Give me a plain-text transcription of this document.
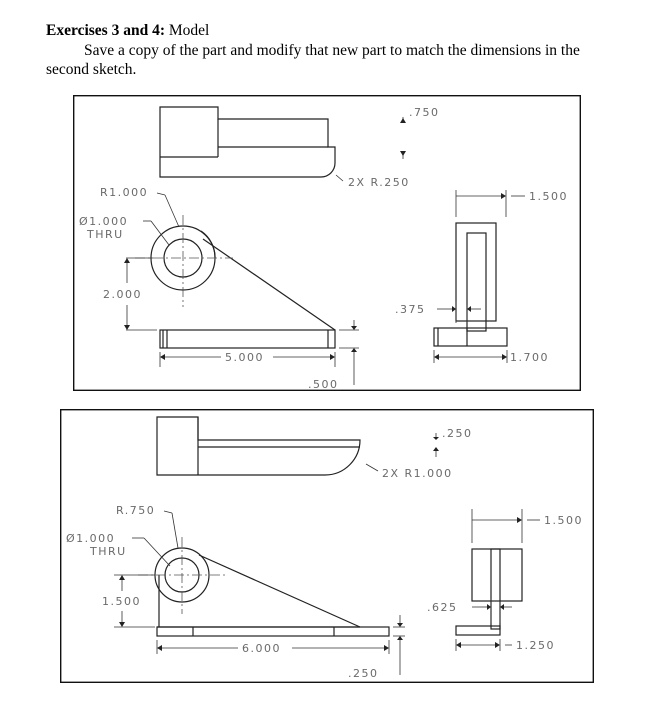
Exercises 3 and 4: Model
Save a copy of the part and modify that new part to match the dimensions in the second sketch.
.750
2X R.250
R1.000
Ø1.000
THRU
2.000
5.000
.500
1.500
.375
1.700
.250
2X R1.000
R.750
Ø1.000
THRU
1.500
6.000
.250
1.500
.625
1.250
